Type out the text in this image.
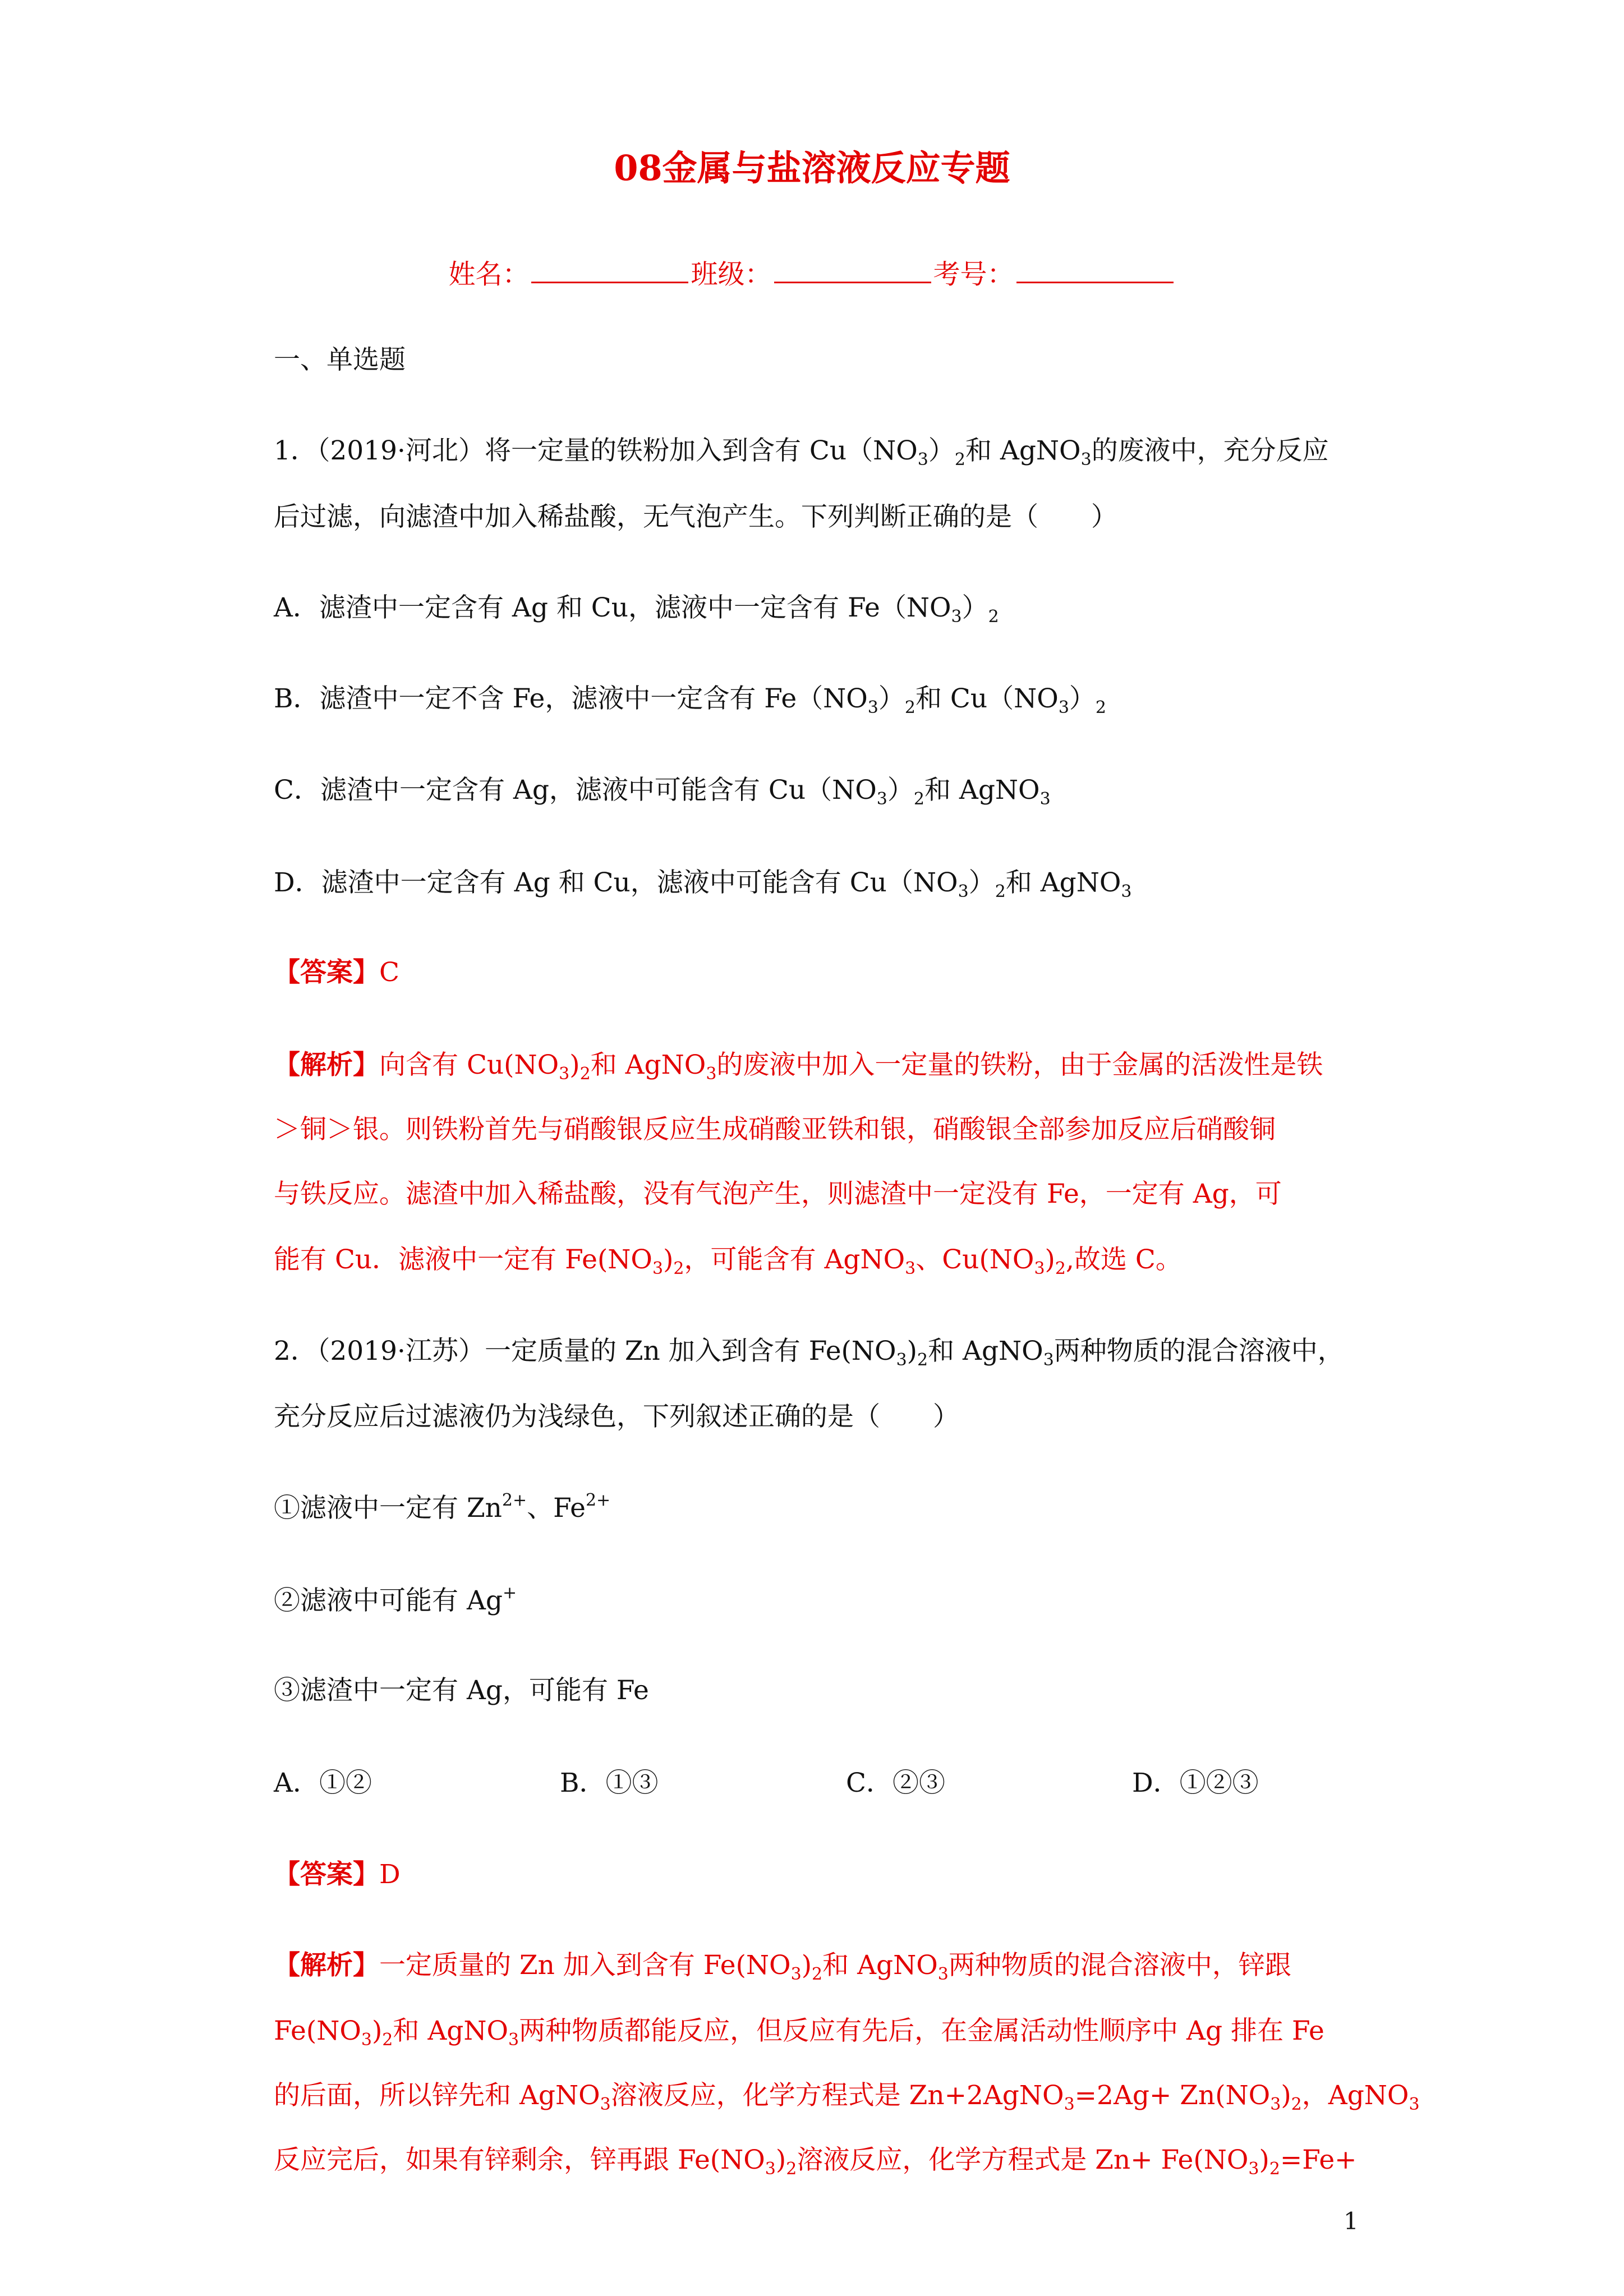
08金属与盐溶液反应专题
姓名：	班级：	考号：
一、单选题
1．（2019·河北）将一定量的铁粉加入到含有 $Cu(NO_3)_2$和 AgNO$_3$的废液中，充分反应
后过滤，向滤渣中加入稀盐酸，无气泡产生。下列判断正确的是（　　）
A．滤渣中一定含有 Ag 和 Cu，滤液中一定含有 $Fe(NO_3)_2$
B．滤渣中一定不含 Fe，滤液中一定含有 $Fe(NO_3)_2$和 $Cu(NO_3)_2$
C．滤渣中一定含有 Ag，滤液中可能含有 $Cu(NO_3)_2$和 AgNO$_3$
D．滤渣中一定含有 Ag 和 Cu，滤液中可能含有 $Cu(NO_3)_2$和 AgNO$_3$
【答案】C
【解析】向含有 $Cu(NO_3)_2$和 AgNO$_3$的废液中加入一定量的铁粉，由于金属的活泼性是铁
＞铜＞银。则铁粉首先与硝酸银反应生成硝酸亚铁和银，硝酸银全部参加反应后硝酸铜
与铁反应。滤渣中加入稀盐酸，没有气泡产生，则滤渣中一定没有 Fe，一定有 Ag，可
能有 Cu．滤液中一定有 $Fe(NO_3)_2$，可能含有 AgNO$_3$、$Cu(NO_3)_2$,故选 C。
2．（2019·江苏）一定质量的 Zn 加入到含有 $Fe(NO_3)_2$和 AgNO$_3$两种物质的混合溶液中，
充分反应后过滤液仍为浅绿色，下列叙述正确的是（　　）
①滤液中一定有 $Zn^{2+}$、$Fe^{2+}$
②滤液中可能有 Ag+
③滤渣中一定有 Ag，可能有 Fe
A．①②	B．①③	C．②③	D．①②③
【答案】D
【解析】一定质量的 Zn 加入到含有 $Fe(NO_3)_2$和 AgNO$_3$两种物质的混合溶液中，锌跟
$Fe(NO_3)_2$和 AgNO$_3$两种物质都能反应，但反应有先后，在金属活动性顺序中 Ag 排在 Fe
的后面，所以锌先和 AgNO$_3$溶液反应，化学方程式是 Zn+2AgNO$_3$=2Ag+ $Zn(NO_3)_2$，AgNO$_3$
反应完后，如果有锌剩余，锌再跟 $Fe(NO_3)_2$溶液反应，化学方程式是 $Zn+ Fe(NO_3)_2=Fe+$
1
